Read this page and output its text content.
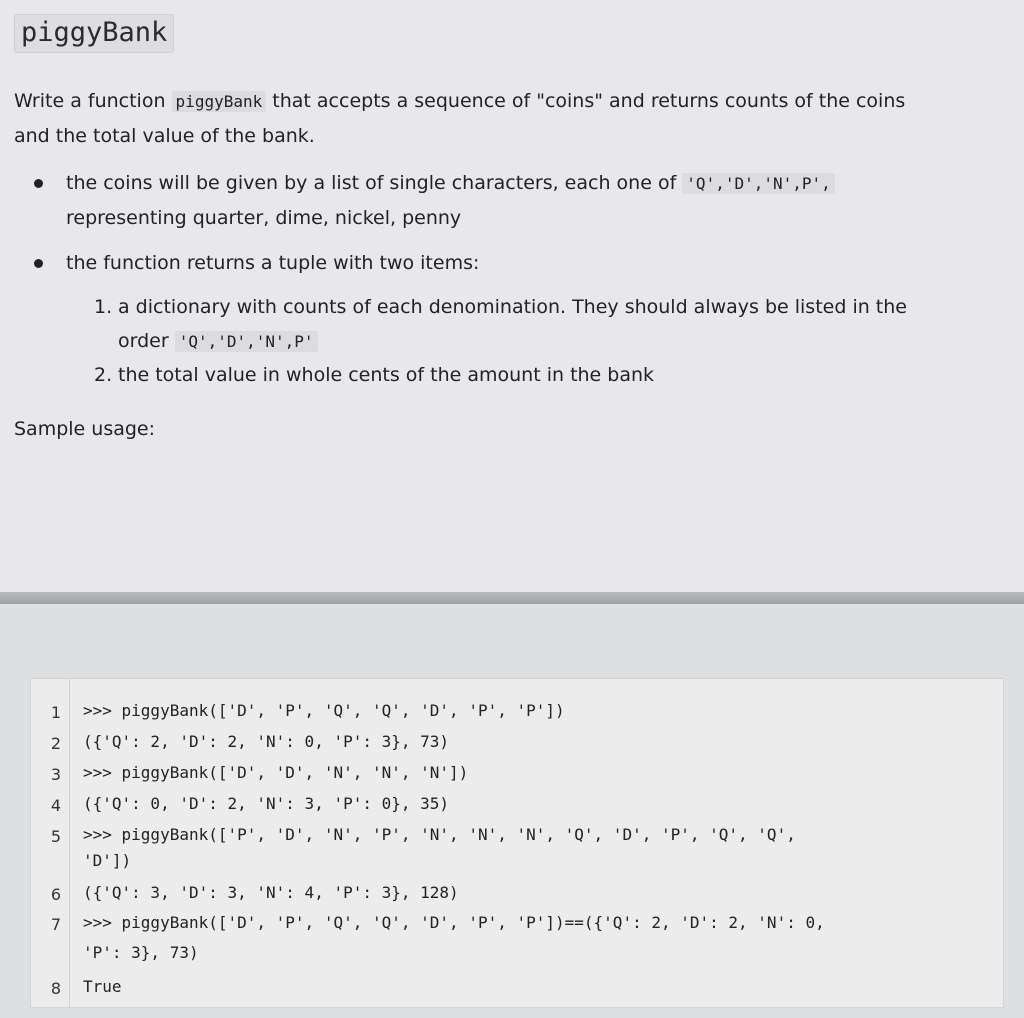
piggyBank
Write a function piggyBank that accepts a sequence of "coins" and returns counts of the coins
and the total value of the bank.
the coins will be given by a list of single characters, each one of 'Q','D','N',P',
representing quarter, dime, nickel, penny
the function returns a tuple with two items:
1. a dictionary with counts of each denomination. They should always be listed in the
order 'Q','D','N',P'
2. the total value in whole cents of the amount in the bank
Sample usage:
1 >>> piggyBank(['D', 'P', 'Q', 'Q', 'D', 'P', 'P'])
2 ({'Q': 2, 'D': 2, 'N': 0, 'P': 3}, 73)
3 >>> piggyBank(['D', 'D', 'N', 'N', 'N'])
4 ({'Q': 0, 'D': 2, 'N': 3, 'P': 0}, 35)
5 >>> piggyBank(['P', 'D', 'N', 'P', 'N', 'N', 'N', 'Q', 'D', 'P', 'Q', 'Q',
'D'])
6 ({'Q': 3, 'D': 3, 'N': 4, 'P': 3}, 128)
7 >>> piggyBank(['D', 'P', 'Q', 'Q', 'D', 'P', 'P'])==({'Q': 2, 'D': 2, 'N': 0,
'P': 3}, 73)
8 True
